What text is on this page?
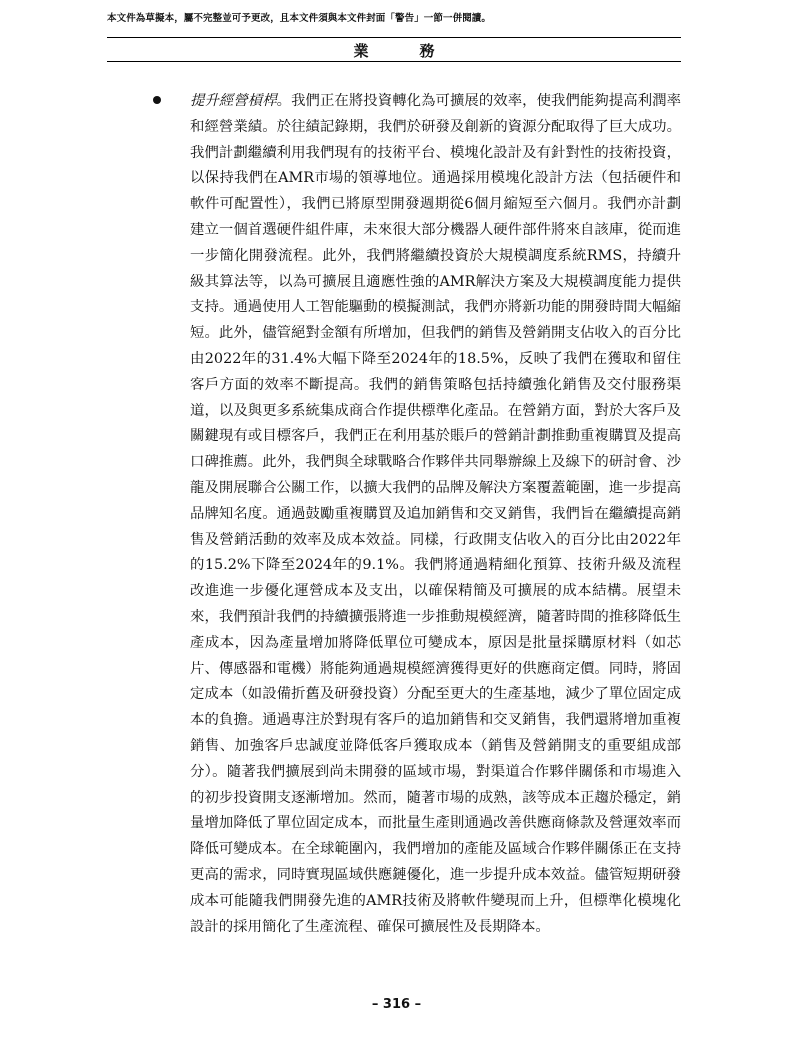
本文件為草擬本，屬不完整並可予更改，且本文件須與本文件封面「警告」一節一併閱讀。
業　務
提升經營槓桿。我們正在將投資轉化為可擴展的效率，使我們能夠提高利潤率和經營業績。於往績記錄期，我們於研發及創新的資源分配取得了巨大成功。我們計劃繼續利用我們現有的技術平台、模塊化設計及有針對性的技術投資，以保持我們在AMR市場的領導地位。通過採用模塊化設計方法（包括硬件和軟件可配置性），我們已將原型開發週期從6個月縮短至六個月。我們亦計劃建立一個首選硬件組件庫，未來很大部分機器人硬件部件將來自該庫，從而進一步簡化開發流程。此外，我們將繼續投資於大規模調度系統RMS，持續升級其算法等，以為可擴展且適應性強的AMR解決方案及大規模調度能力提供支持。通過使用人工智能驅動的模擬測試，我們亦將新功能的開發時間大幅縮短。此外，儘管絕對金額有所增加，但我們的銷售及營銷開支佔收入的百分比由2022年的31.4%大幅下降至2024年的18.5%，反映了我們在獲取和留住客戶方面的效率不斷提高。我們的銷售策略包括持續強化銷售及交付服務渠道，以及與更多系統集成商合作提供標準化產品。在營銷方面，對於大客戶及關鍵現有或目標客戶，我們正在利用基於賬戶的營銷計劃推動重複購買及提高口碑推薦。此外，我們與全球戰略合作夥伴共同舉辦線上及線下的研討會、沙龍及開展聯合公關工作，以擴大我們的品牌及解決方案覆蓋範圍，進一步提高品牌知名度。通過鼓勵重複購買及追加銷售和交叉銷售，我們旨在繼續提高銷售及營銷活動的效率及成本效益。同樣，行政開支佔收入的百分比由2022年的15.2%下降至2024年的9.1%。我們將通過精細化預算、技術升級及流程改進進一步優化運營成本及支出，以確保精簡及可擴展的成本結構。展望未來，我們預計我們的持續擴張將進一步推動規模經濟，隨著時間的推移降低生產成本，因為產量增加將降低單位可變成本，原因是批量採購原材料（如芯片、傳感器和電機）將能夠通過規模經濟獲得更好的供應商定價。同時，將固定成本（如設備折舊及研發投資）分配至更大的生產基地，減少了單位固定成本的負擔。通過專注於對現有客戶的追加銷售和交叉銷售，我們還將增加重複銷售、加強客戶忠誠度並降低客戶獲取成本（銷售及營銷開支的重要組成部分）。隨著我們擴展到尚未開發的區域市場，對渠道合作夥伴關係和市場進入的初步投資開支逐漸增加。然而，隨著市場的成熟，該等成本正趨於穩定，銷量增加降低了單位固定成本，而批量生產則通過改善供應商條款及營運效率而降低可變成本。在全球範圍內，我們增加的產能及區域合作夥伴關係正在支持更高的需求，同時實現區域供應鏈優化，進一步提升成本效益。儘管短期研發成本可能隨我們開發先進的AMR技術及將軟件變現而上升，但標準化模塊化設計的採用簡化了生產流程、確保可擴展性及長期降本。
– 316 –
